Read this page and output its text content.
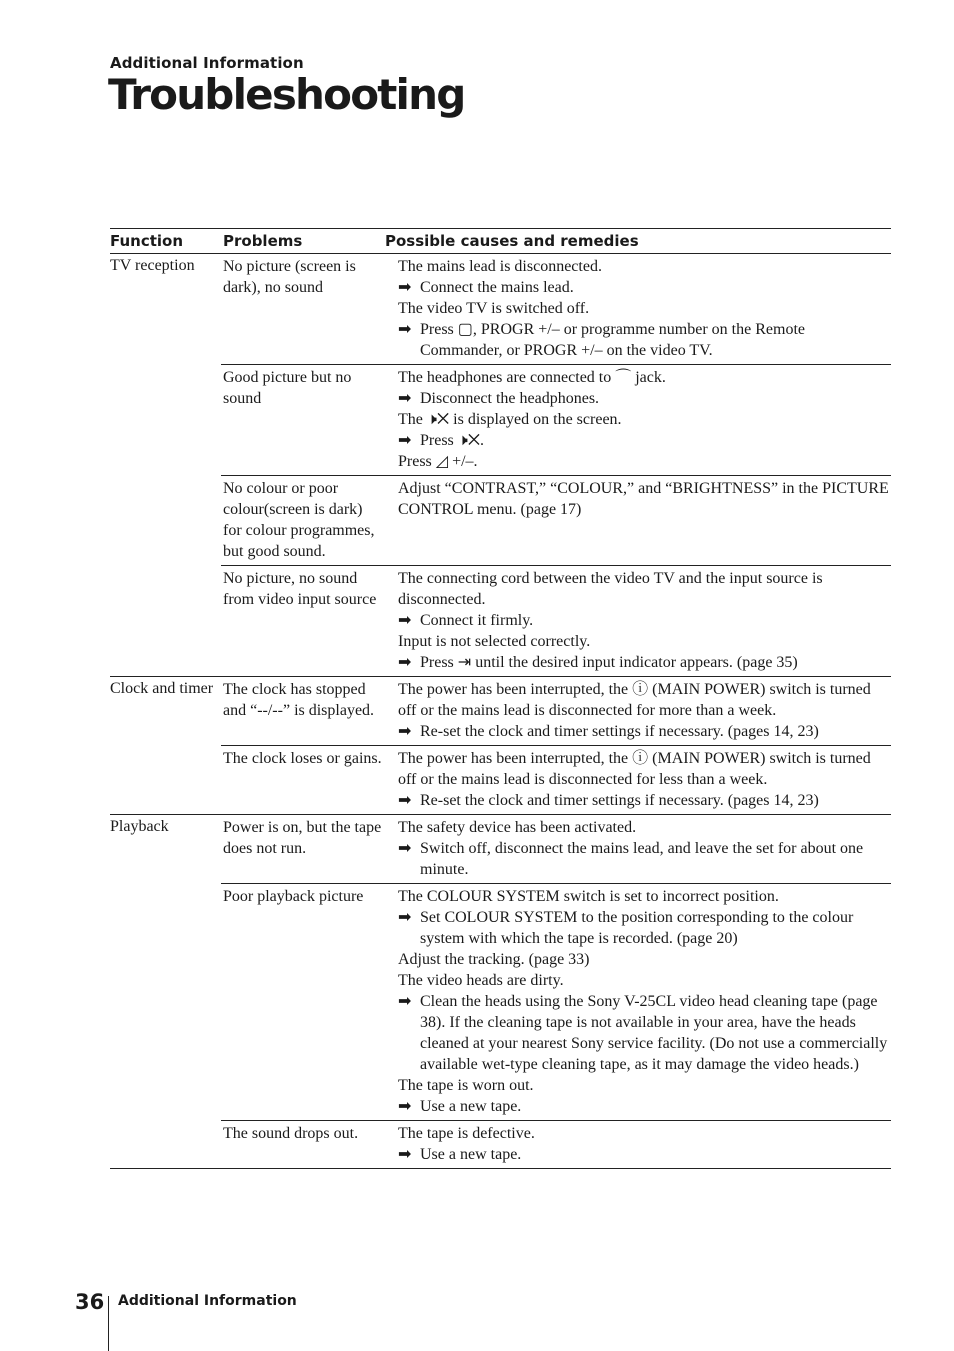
Additional Information
Troubleshooting
Function	Problems	Possible causes and remedies
TV reception	No picture (screen is dark), no sound
The mains lead is disconnected.
➡ Connect the mains lead.
The video TV is switched off.
➡ Press ▢, PROGR +/– or programme number on the Remote Commander, or PROGR +/– on the video TV.
Good picture but no sound
The headphones are connected to ⌒ jack.
➡ Disconnect the headphones.
The 🕨✕ is displayed on the screen.
➡ Press 🕨✕.
Press ◿ +/–.
No colour or poor colour(screen is dark) for colour programmes, but good sound.
Adjust “CONTRAST,” “COLOUR,” and “BRIGHTNESS” in the PICTURE CONTROL menu. (page 17)
No picture, no sound from video input source
The connecting cord between the video TV and the input source is disconnected.
➡ Connect it firmly.
Input is not selected correctly.
➡ Press ⇥ until the desired input indicator appears. (page 35)
Clock and timer The clock has stopped and “--/--” is displayed.
The power has been interrupted, the ⓘ (MAIN POWER) switch is turned off or the mains lead is disconnected for more than a week.
➡ Re-set the clock and timer settings if necessary. (pages 14, 23)
The clock loses or gains. The power has been interrupted, the ⓘ (MAIN POWER) switch is turned off or the mains lead is disconnected for less than a week.
➡ Re-set the clock and timer settings if necessary. (pages 14, 23)
Playback	Power is on, but the tape does not run.
The safety device has been activated.
➡ Switch off, disconnect the mains lead, and leave the set for about one minute.
Poor playback picture	The COLOUR SYSTEM switch is set to incorrect position.
➡ Set COLOUR SYSTEM to the position corresponding to the colour system with which the tape is recorded. (page 20)
Adjust the tracking. (page 33)
The video heads are dirty.
➡ Clean the heads using the Sony V-25CL video head cleaning tape (page 38). If the cleaning tape is not available in your area, have the heads cleaned at your nearest Sony service facility. (Do not use a commercially available wet-type cleaning tape, as it may damage the video heads.)
The tape is worn out.
➡ Use a new tape.
The sound drops out.	The tape is defective.
➡ Use a new tape.
36 Additional Information
